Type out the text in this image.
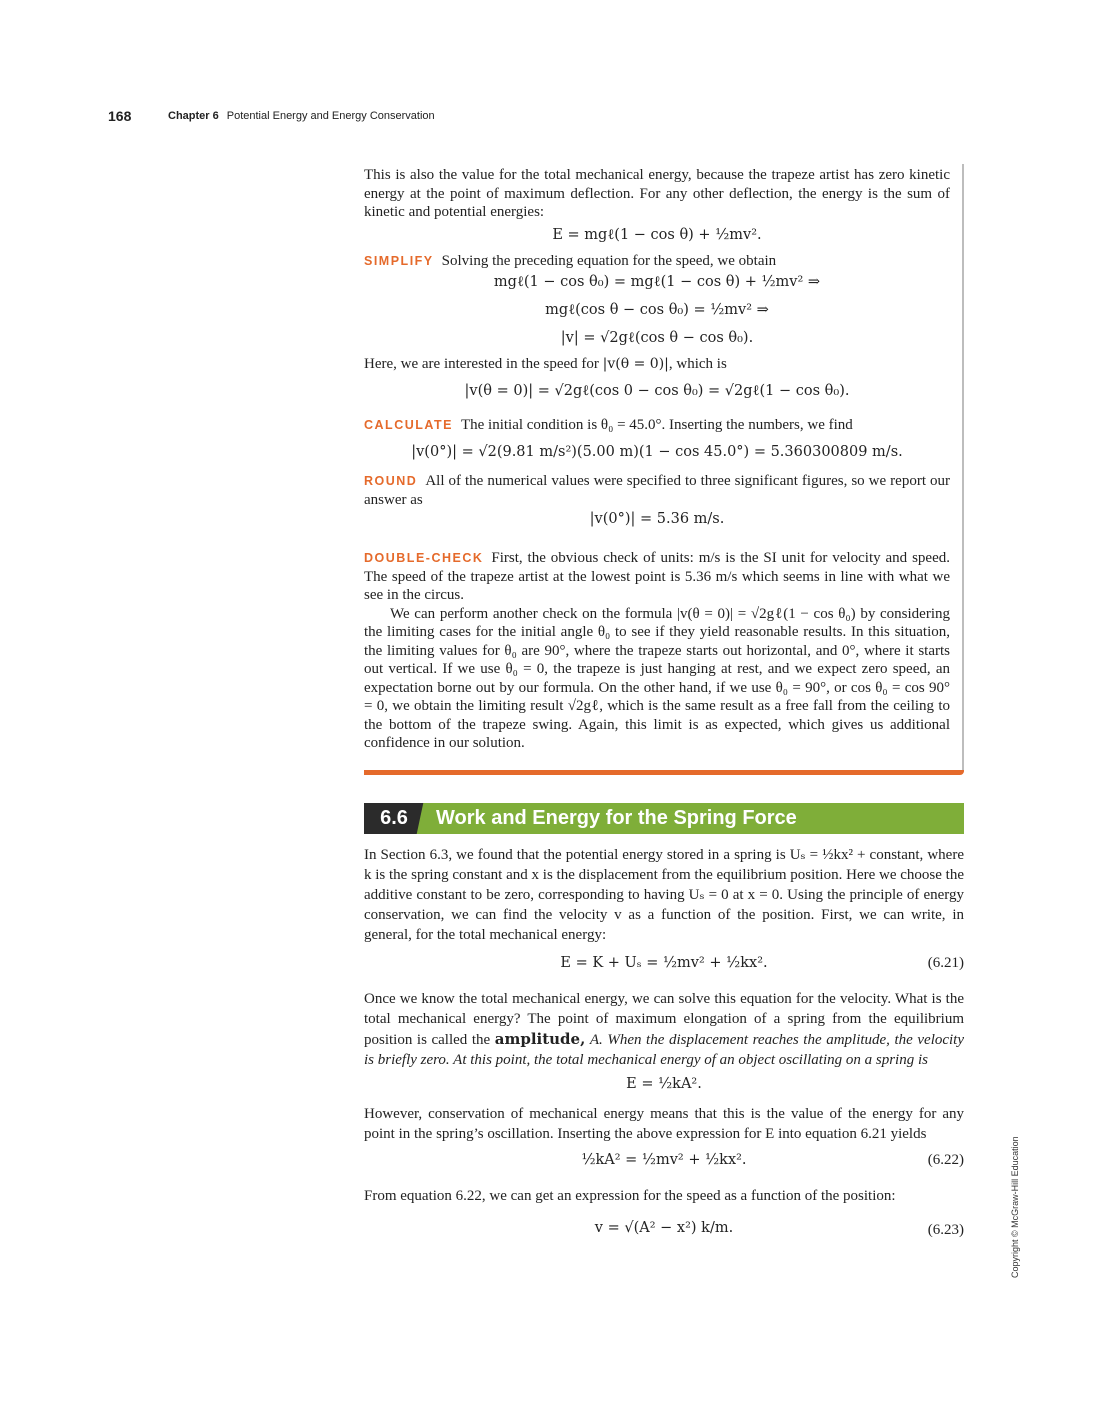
168	Chapter 6 Potential Energy and Energy Conservation

This is also the value for the total mechanical energy, because the trapeze artist has zero kinetic energy at the point of maximum deflection. For any other deflection, the energy is the sum of kinetic and potential energies:

E = mgℓ(1 − cos θ) + ½mv².

SIMPLIFY Solving the preceding equation for the speed, we obtain

mgℓ(1 − cos θ₀) = mgℓ(1 − cos θ) + ½mv² ⇒

mgℓ(cos θ − cos θ₀) = ½mv² ⇒

|v| = √2gℓ(cos θ − cos θ₀).

Here, we are interested in the speed for |v(θ = 0)|, which is

|v(θ = 0)| = √2gℓ(cos 0 − cos θ₀) = √2gℓ(1 − cos θ₀).

CALCULATE The initial condition is θ₀ = 45.0°. Inserting the numbers, we find

|v(0°)| = √2(9.81 m/s²)(5.00 m)(1 − cos 45.0°) = 5.360300809 m/s.

ROUND All of the numerical values were specified to three significant figures, so we report our answer as

|v(0°)| = 5.36 m/s.

DOUBLE-CHECK First, the obvious check of units: m/s is the SI unit for velocity and speed. The speed of the trapeze artist at the lowest point is 5.36 m/s which seems in line with what we see in the circus.

We can perform another check on the formula |v(θ = 0)| = √2gℓ(1 − cos θ₀) by considering the limiting cases for the initial angle θ₀ to see if they yield reasonable results. In this situation, the limiting values for θ₀ are 90°, where the trapeze starts out horizontal, and 0°, where it starts out vertical. If we use θ₀ = 0, the trapeze is just hanging at rest, and we expect zero speed, an expectation borne out by our formula. On the other hand, if we use θ₀ = 90°, or cos θ₀ = cos 90° = 0, we obtain the limiting result √2gℓ, which is the same result as a free fall from the ceiling to the bottom of the trapeze swing. Again, this limit is as expected, which gives us additional confidence in our solution.

6.6	Work and Energy for the Spring Force

In Section 6.3, we found that the potential energy stored in a spring is Uₛ = ½kx² + constant, where k is the spring constant and x is the displacement from the equilibrium position. Here we choose the additive constant to be zero, corresponding to having Uₛ = 0 at x = 0. Using the principle of energy conservation, we can find the velocity v as a function of the position. First, we can write, in general, for the total mechanical energy:

E = K + Uₛ = ½mv² + ½kx².	(6.21)

Once we know the total mechanical energy, we can solve this equation for the velocity. What is the total mechanical energy? The point of maximum elongation of a spring from the equilibrium position is called the amplitude, A. When the displacement reaches the amplitude, the velocity is briefly zero. At this point, the total mechanical energy of an object oscillating on a spring is

E = ½kA².

However, conservation of mechanical energy means that this is the value of the energy for any point in the spring’s oscillation. Inserting the above expression for E into equation 6.21 yields

½kA² = ½mv² + ½kx².	(6.22)

From equation 6.22, we can get an expression for the speed as a function of the position:

v = √(A² − x²) k/m.	(6.23)	Copyright © McGraw-Hill Education
